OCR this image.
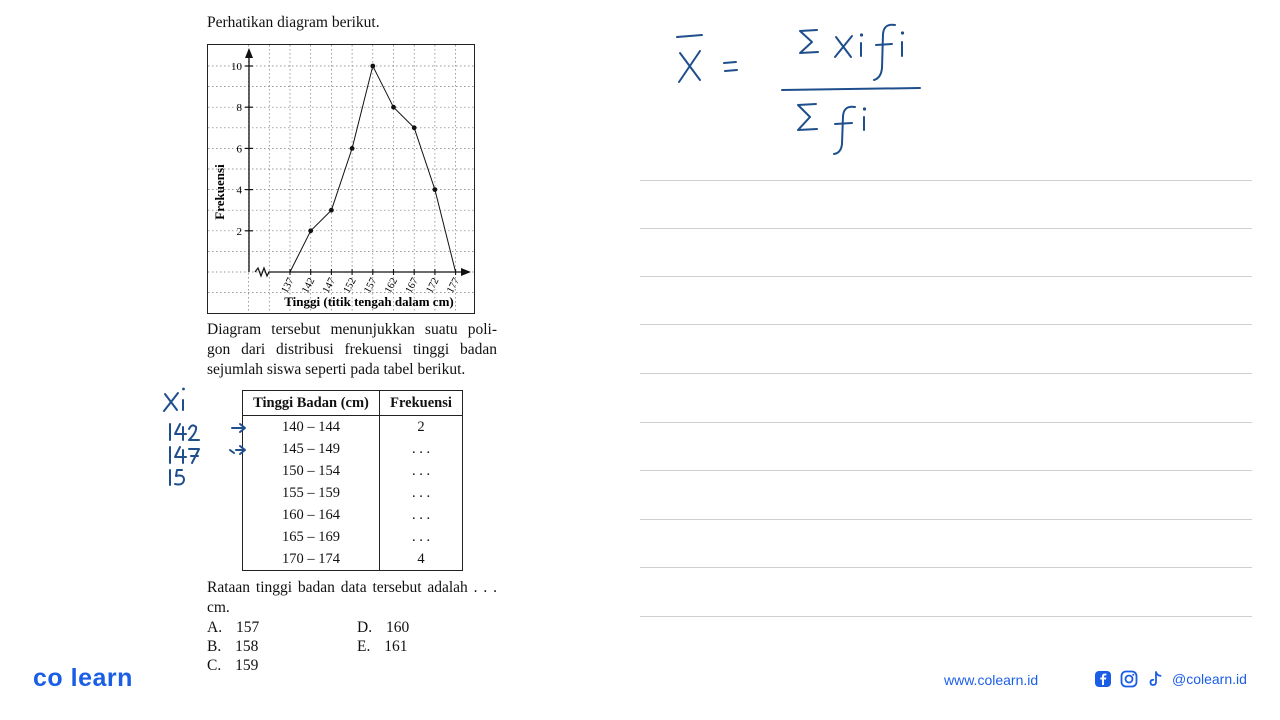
Perhatikan diagram berikut.
2
4
6
8
10
137 142 147 152 157 162 167 172 177
Frekuensi
Tinggi (titik tengah dalam cm)
Diagram tersebut menunjukkan suatu poli- gon dari distribusi frekuensi tinggi badan sejumlah siswa seperti pada tabel berikut.
Tinggi Badan (cm)	Frekuensi
140 – 144	2
145 – 149	. . .
150 – 154	. . .
155 – 159	. . .
160 – 164	. . .
165 – 169	. . .
170 – 174	4
Rataan tinggi badan data tersebut adalah . . . cm.
A. 157
B. 158
C. 159
D. 160
E. 161
co learn	www.colearn.id	@colearn.id
